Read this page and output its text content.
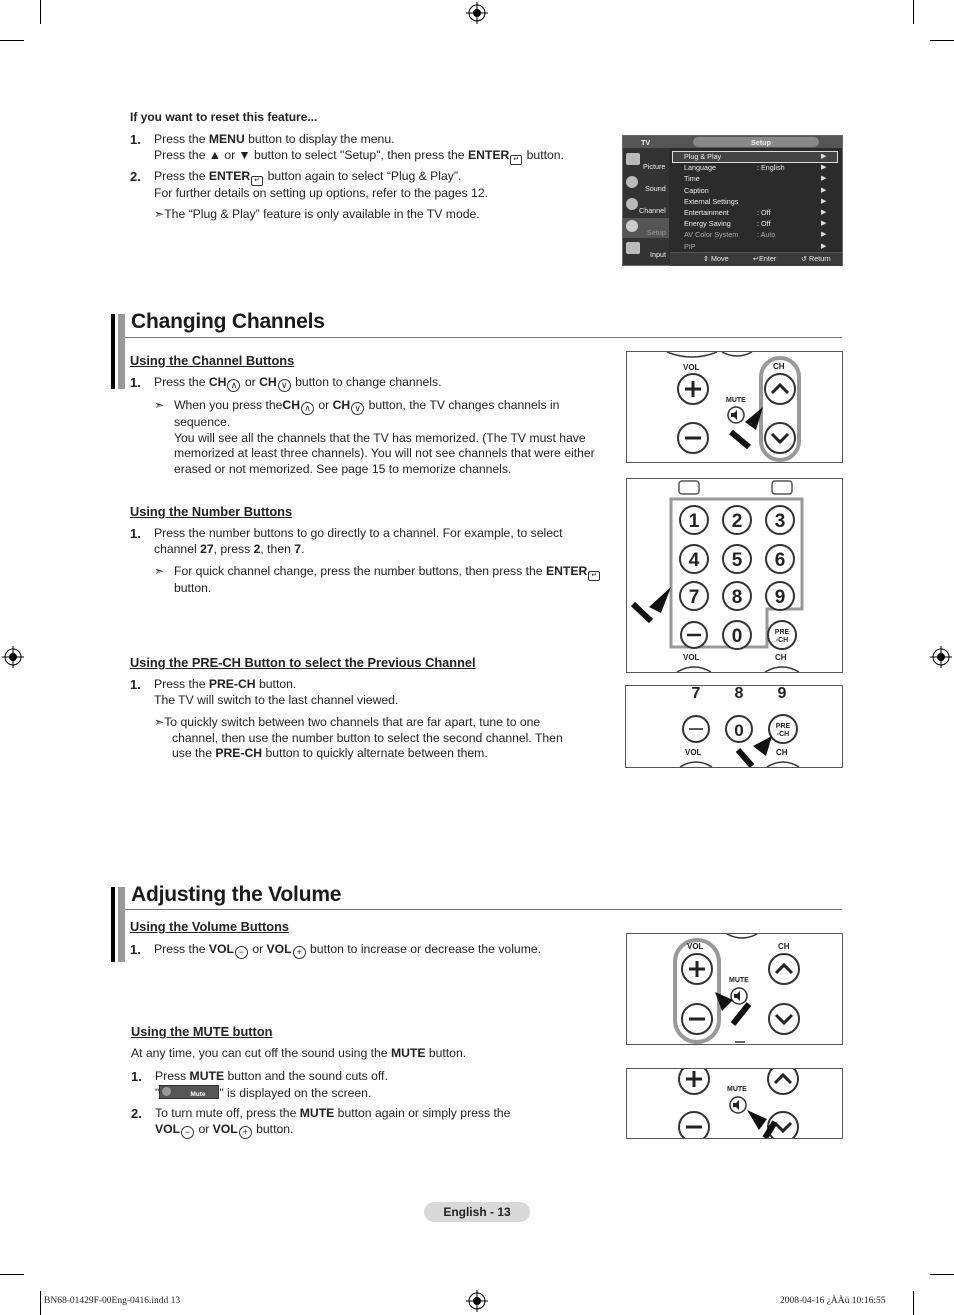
If you want to reset this feature...
1. Press the MENU button to display the menu.
Press the ▲ or ▼ button to select "Setup", then press the ENTER ↵ button.
2. Press the ENTER ↵ button again to select “Plug & Play”.
For further details on setting up options, refer to the pages 12.
➣The “Plug & Play” feature is only available in the TV mode.
TV	Setup
Picture
Sound
Channel
Setup
Input	⇕ Move	↵Enter	↺ Return
Plug & Play	▶
Language	: English	▶
Time	▶
Caption	▶
External Settings	▶
Entertainment	: Off	▶
Energy Saving	: Off	▶
AV Color System	: Auto	▶
PIP	▶
Changing Channels
Using the Channel Buttons
1. Press the CH ∧ or CH ∨ button to change channels.
➣ When you press theCH ∧ or CH ∨ button, the TV changes channels in
sequence.
You will see all the channels that the TV has memorized. (The TV must have
memorized at least three channels). You will not see channels that were either
erased or not memorized. See page 15 to memorize channels.
Using the Number Buttons
1. Press the number buttons to go directly to a channel. For example, to select
channel 27, press 2, then 7.
➣ For quick channel change, press the number buttons, then press the ENTER ↵
button.
Using the PRE-CH Button to select the Previous Channel
1. Press the PRE-CH button.
The TV will switch to the last channel viewed.
➣To quickly switch between two channels that are far apart, tune to one
channel, then use the number button to select the second channel. Then
use the PRE-CH button to quickly alternate between them.
VOL	CH
MUTE
1 2 3
4 5 6
7 8 9
0	PRE
-CH
VOL	CH
7 8 9
0	PRE
-CH
VOL	CH
Adjusting the Volume
Using the Volume Buttons
1. Press the VOL − or VOL + button to increase or decrease the volume.
Using the MUTE button
At any time, you can cut off the sound using the MUTE button.
1. Press MUTE button and the sound cuts off.
"	Mute " is displayed on the screen.
2. To turn mute off, press the MUTE button again or simply press the
VOL − or VOL + button.
VOL	CH
MUTE
MUTE
English - 13
BN68-01429F-00Eng-0416.indd 13	2008-04-16 ¿ÀÀü 10:16:55
